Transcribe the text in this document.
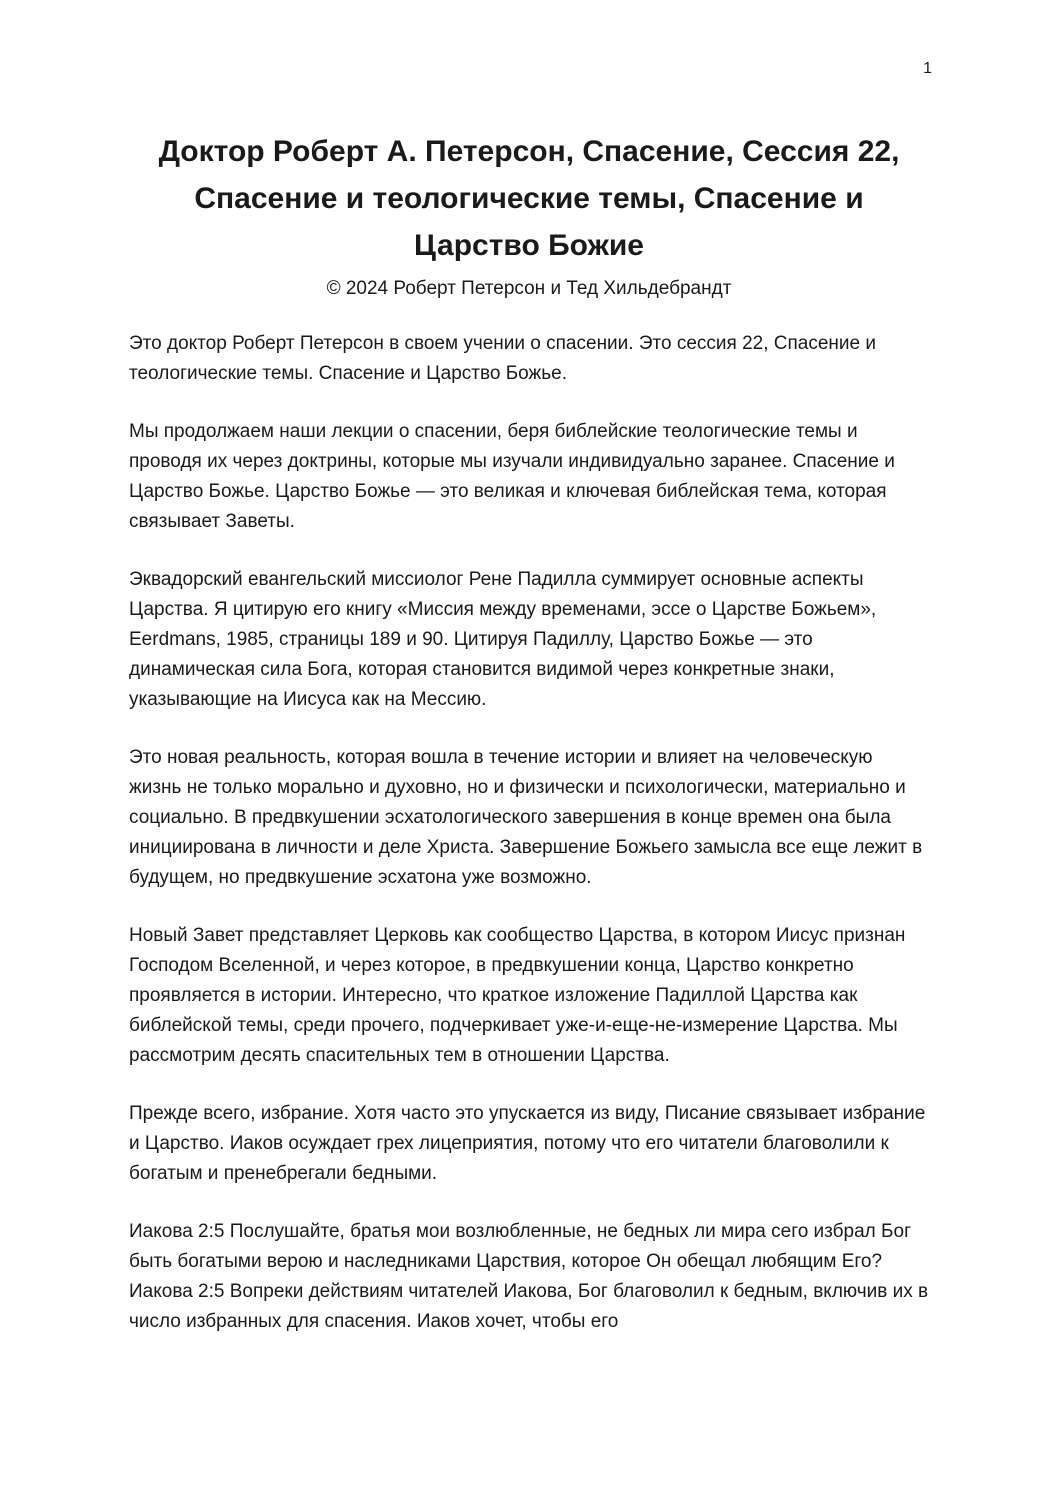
1
Доктор Роберт А. Петерсон, Спасение, Сессия 22, Спасение и теологические темы, Спасение и Царство Божие
© 2024 Роберт Петерсон и Тед Хильдебрандт

Это доктор Роберт Петерсон в своем учении о спасении. Это сессия 22, Спасение и теологические темы. Спасение и Царство Божье.

Мы продолжаем наши лекции о спасении, беря библейские теологические темы и проводя их через доктрины, которые мы изучали индивидуально заранее. Спасение и Царство Божье. Царство Божье — это великая и ключевая библейская тема, которая связывает Заветы.

Эквадорский евангельский миссиолог Рене Падилла суммирует основные аспекты Царства. Я цитирую его книгу «Миссия между временами, эссе о Царстве Божьем», Eerdmans, 1985, страницы 189 и 90. Цитируя Падиллу, Царство Божье — это динамическая сила Бога, которая становится видимой через конкретные знаки, указывающие на Иисуса как на Мессию.

Это новая реальность, которая вошла в течение истории и влияет на человеческую жизнь не только морально и духовно, но и физически и психологически, материально и социально. В предвкушении эсхатологического завершения в конце времен она была инициирована в личности и деле Христа. Завершение Божьего замысла все еще лежит в будущем, но предвкушение эсхатона уже возможно.

Новый Завет представляет Церковь как сообщество Царства, в котором Иисус признан Господом Вселенной, и через которое, в предвкушении конца, Царство конкретно проявляется в истории. Интересно, что краткое изложение Падиллой Царства как библейской темы, среди прочего, подчеркивает уже-и-еще-не-измерение Царства. Мы рассмотрим десять спасительных тем в отношении Царства.

Прежде всего, избрание. Хотя часто это упускается из виду, Писание связывает избрание и Царство. Иаков осуждает грех лицеприятия, потому что его читатели благоволили к богатым и пренебрегали бедными.

Иакова 2:5 Послушайте, братья мои возлюбленные, не бедных ли мира сего избрал Бог быть богатыми верою и наследниками Царствия, которое Он обещал любящим Его? Иакова 2:5 Вопреки действиям читателей Иакова, Бог благоволил к бедным, включив их в число избранных для спасения. Иаков хочет, чтобы его
